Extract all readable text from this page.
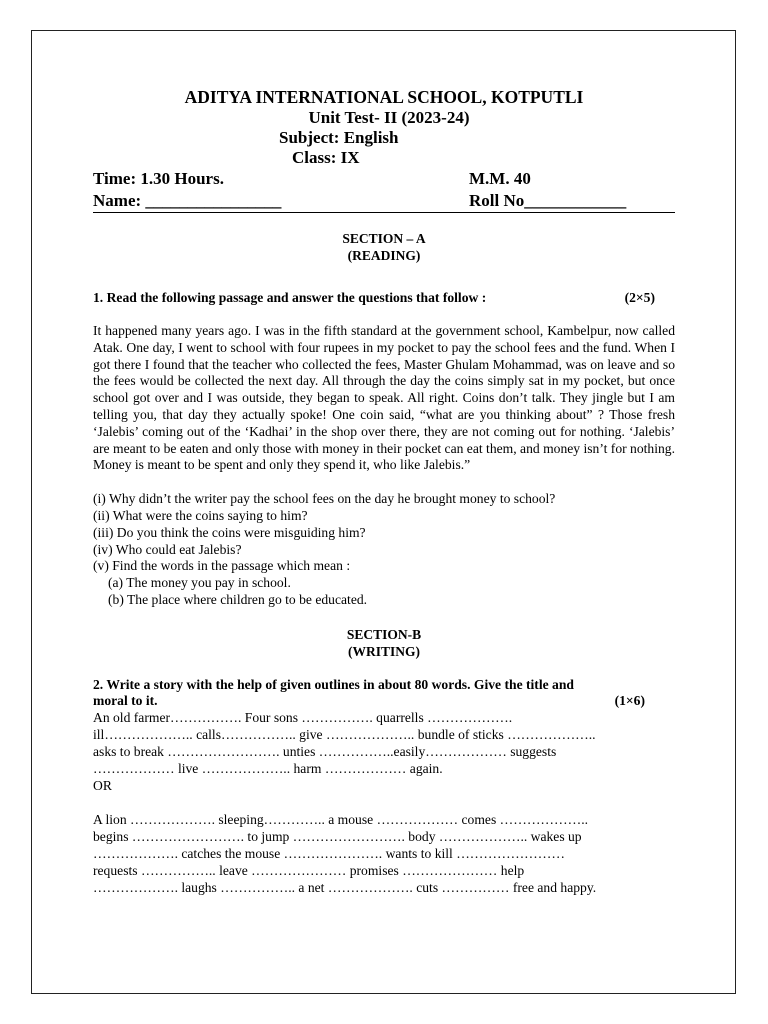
ADITYA INTERNATIONAL SCHOOL, KOTPUTLI
Unit Test- II (2023-24)
Subject: English
Class: IX
Time: 1.30 Hours.	M.M. 40
Name: ________________	Roll No____________
SECTION – A
(READING)
1. Read the following passage and answer the questions that follow :	(2×5)
It happened many years ago. I was in the fifth standard at the government school, Kambelpur, now called Atak. One day, I went to school with four rupees in my pocket to pay the school fees and the fund. When I got there I found that the teacher who collected the fees, Master Ghulam Mohammad, was on leave and so the fees would be collected the next day. All through the day the coins simply sat in my pocket, but once school got over and I was outside, they began to speak. All right. Coins don’t talk. They jingle but I am telling you, that day they actually spoke! One coin said, “what are you thinking about” ? Those fresh ‘Jalebis’ coming out of the ‘Kadhai’ in the shop over there, they are not coming out for nothing. ‘Jalebis’ are meant to be eaten and only those with money in their pocket can eat them, and money isn’t for nothing. Money is meant to be spent and only they spend it, who like Jalebis.”
(i) Why didn’t the writer pay the school fees on the day he brought money to school?
(ii) What were the coins saying to him?
(iii) Do you think the coins were misguiding him?
(iv) Who could eat Jalebis?
(v) Find the words in the passage which mean :
(a) The money you pay in school.
(b) The place where children go to be educated.
SECTION-B
(WRITING)
2. Write a story with the help of given outlines in about 80 words. Give the title and
moral to it.	(1×6)
An old farmer……………. Four sons ……………. quarrells ……………….
ill……………….. calls…………….. give ……………….. bundle of sticks ………………..
asks to break ……………………. unties ……………..easily……………… suggests
……………… live ……………….. harm ……………… again.
OR
A lion ………………. sleeping………….. a mouse ……………… comes ………………..
begins ……………………. to jump ……………………. body ……………….. wakes up
………………. catches the mouse …………………. wants to kill ……………………
requests …………….. leave ………………… promises ………………… help
………………. laughs …………….. a net ………………. cuts …………… free and happy.
